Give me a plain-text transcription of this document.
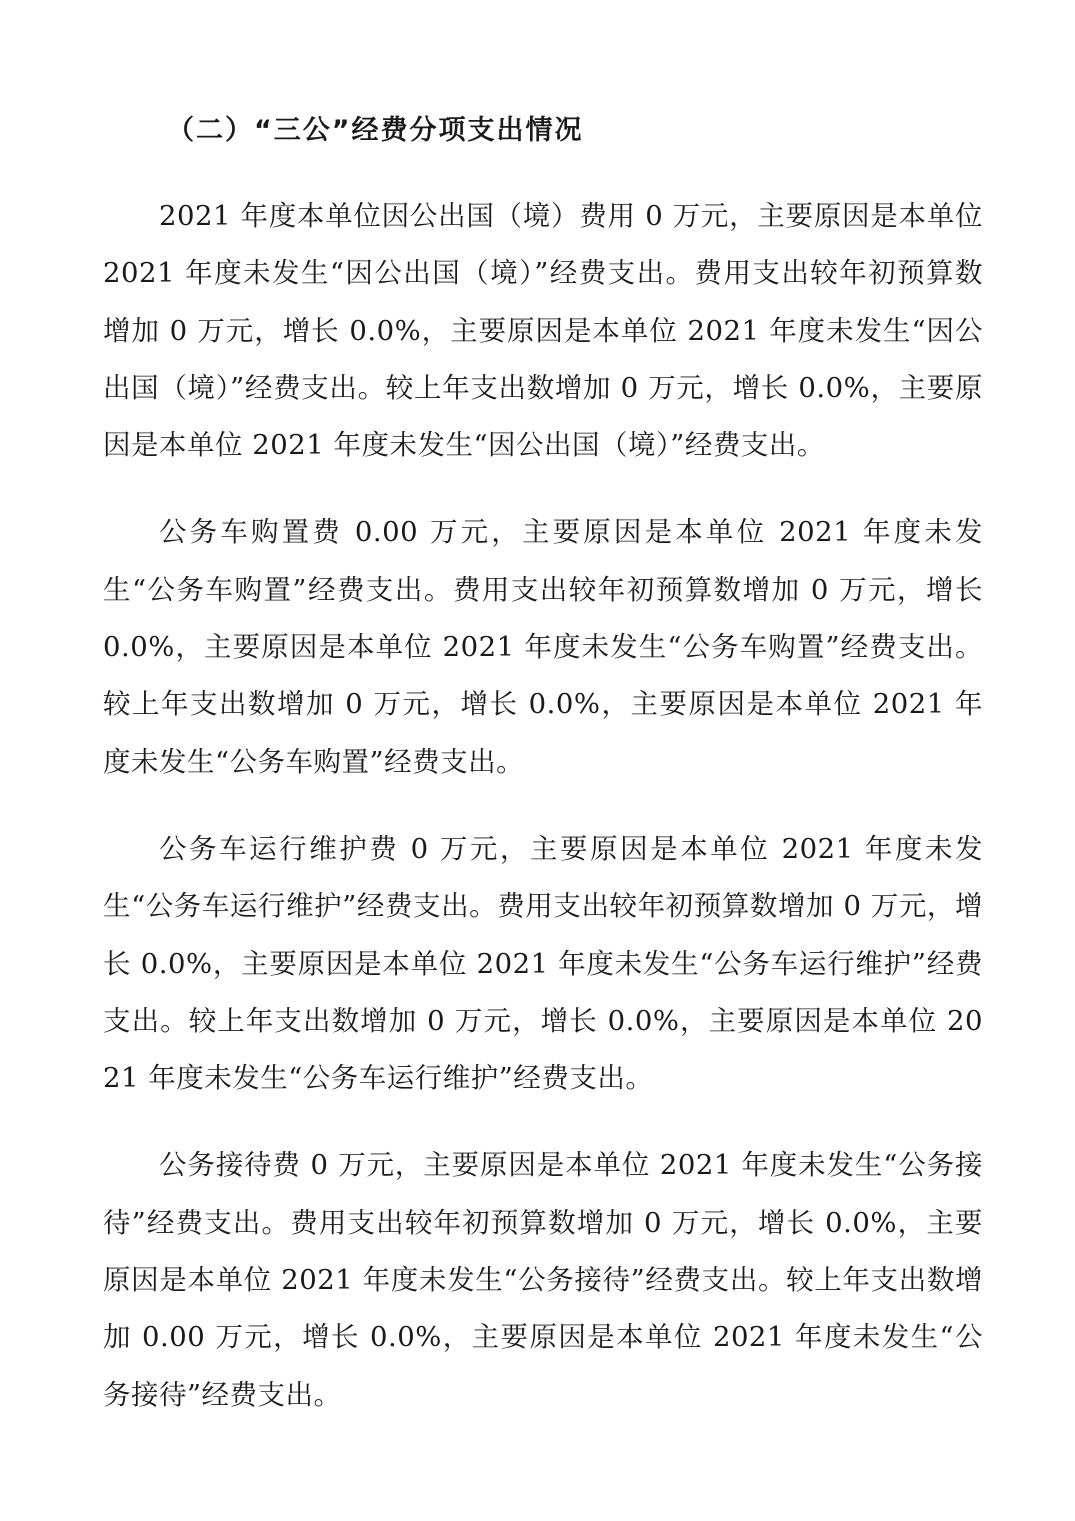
（二）“三公”经费分项支出情况

2021 年度本单位因公出国（境）费用 0 万元，主要原因是本单位 2021 年度未发生“因公出国（境）”经费支出。费用支出较年初预算数增加 0 万元，增长 0.0%，主要原因是本单位 2021 年度未发生“因公出国（境）”经费支出。较上年支出数增加 0 万元，增长 0.0%，主要原因是本单位 2021 年度未发生“因公出国（境）”经费支出。

公务车购置费 0.00 万元，主要原因是本单位 2021 年度未发生“公务车购置”经费支出。费用支出较年初预算数增加 0 万元，增长 0.0%，主要原因是本单位 2021 年度未发生“公务车购置”经费支出。较上年支出数增加 0 万元，增长 0.0%，主要原因是本单位 2021 年度未发生“公务车购置”经费支出。

公务车运行维护费 0 万元，主要原因是本单位 2021 年度未发生“公务车运行维护”经费支出。费用支出较年初预算数增加 0 万元，增长 0.0%，主要原因是本单位 2021 年度未发生“公务车运行维护”经费支出。较上年支出数增加 0 万元，增长 0.0%，主要原因是本单位 2021 年度未发生“公务车运行维护”经费支出。

公务接待费 0 万元，主要原因是本单位 2021 年度未发生“公务接待”经费支出。费用支出较年初预算数增加 0 万元，增长 0.0%，主要原因是本单位 2021 年度未发生“公务接待”经费支出。较上年支出数增加 0.00 万元，增长 0.0%，主要原因是本单位 2021 年度未发生“公务接待”经费支出。
